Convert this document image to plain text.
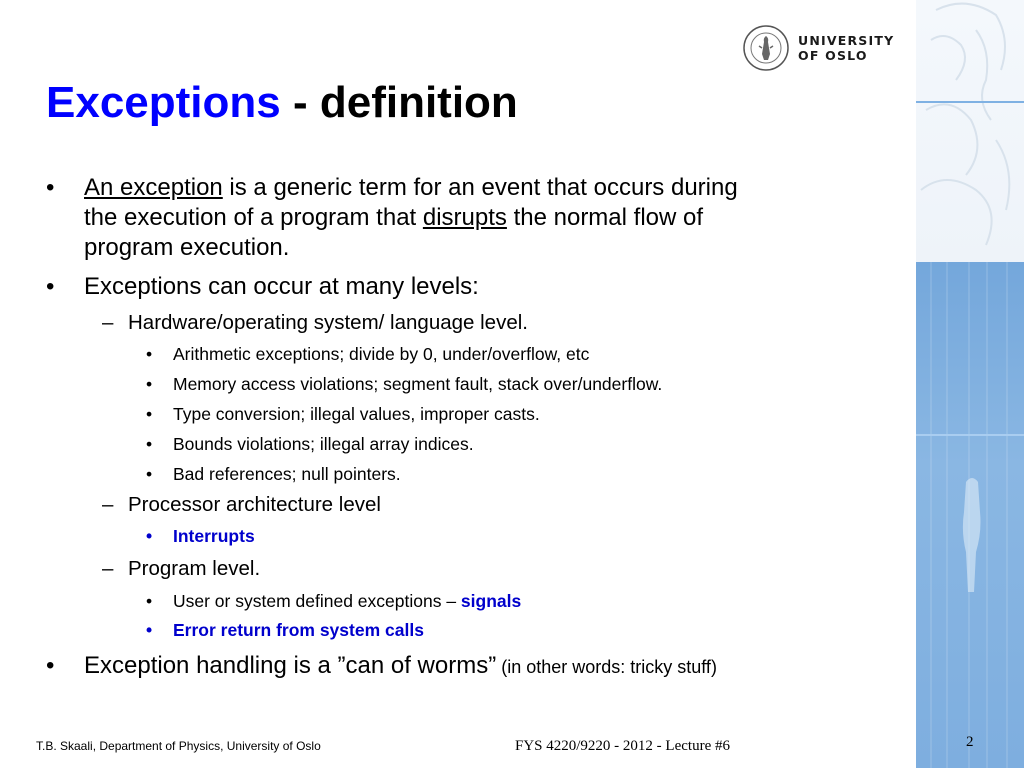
UNIVERSITY
OF OSLO
Exceptions - definition
• An exception is a generic term for an event that occurs during
the execution of a program that disrupts the normal flow of
program execution.
• Exceptions can occur at many levels:
– Hardware/operating system/ language level.
• Arithmetic exceptions; divide by 0, under/overflow, etc
• Memory access violations; segment fault, stack over/underflow.
• Type conversion; illegal values, improper casts.
• Bounds violations; illegal array indices.
• Bad references; null pointers.
– Processor architecture level
• Interrupts
– Program level.
• User or system defined exceptions – signals
• Error return from system calls
• Exception handling is a ”can of worms” (in other words: tricky stuff)
T.B. Skaali, Department of Physics, University of Oslo	FYS 4220/9220 - 2012 - Lecture #6	2
